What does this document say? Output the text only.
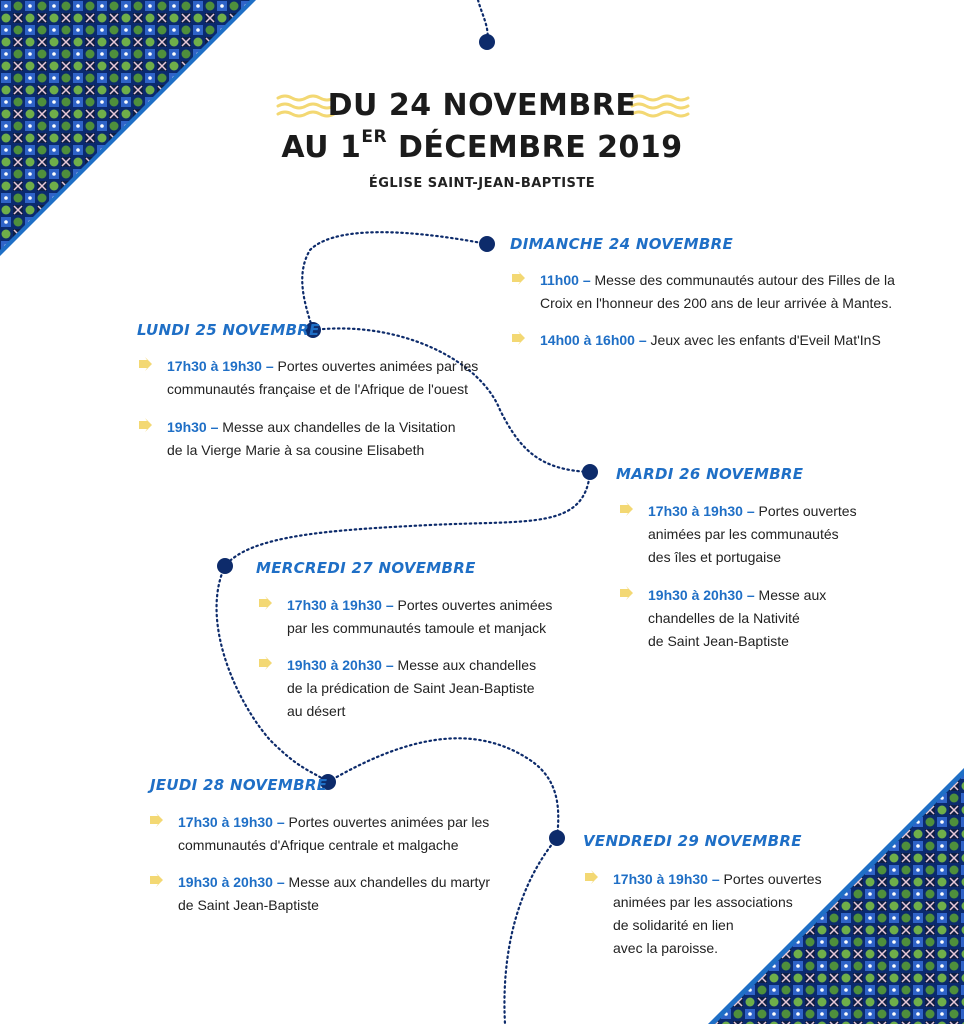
DU 24 NOVEMBRE
AU 1ER DÉCEMBRE 2019
ÉGLISE SAINT-JEAN-BAPTISTE
DIMANCHE 24 NOVEMBRE
11h00 – Messe des communautés autour des Filles de la
Croix en l'honneur des 200 ans de leur arrivée à Mantes.
14h00 à 16h00 – Jeux avec les enfants d'Eveil Mat'InS
LUNDI 25 NOVEMBRE
17h30 à 19h30 – Portes ouvertes animées par les
communautés française et de l'Afrique de l'ouest
19h30 – Messe aux chandelles de la Visitation
de la Vierge Marie à sa cousine Elisabeth
MARDI 26 NOVEMBRE
17h30 à 19h30 – Portes ouvertes
animées par les communautés
des îles et portugaise
19h30 à 20h30 – Messe aux
chandelles de la Nativité
de Saint Jean-Baptiste
MERCREDI 27 NOVEMBRE
17h30 à 19h30 – Portes ouvertes animées
par les communautés tamoule et manjack
19h30 à 20h30 – Messe aux chandelles
de la prédication de Saint Jean-Baptiste
au désert
JEUDI 28 NOVEMBRE
17h30 à 19h30 – Portes ouvertes animées par les
communautés d'Afrique centrale et malgache
19h30 à 20h30 – Messe aux chandelles du martyr
de Saint Jean-Baptiste
VENDREDI 29 NOVEMBRE
17h30 à 19h30 – Portes ouvertes
animées par les associations
de solidarité en lien
avec la paroisse.
